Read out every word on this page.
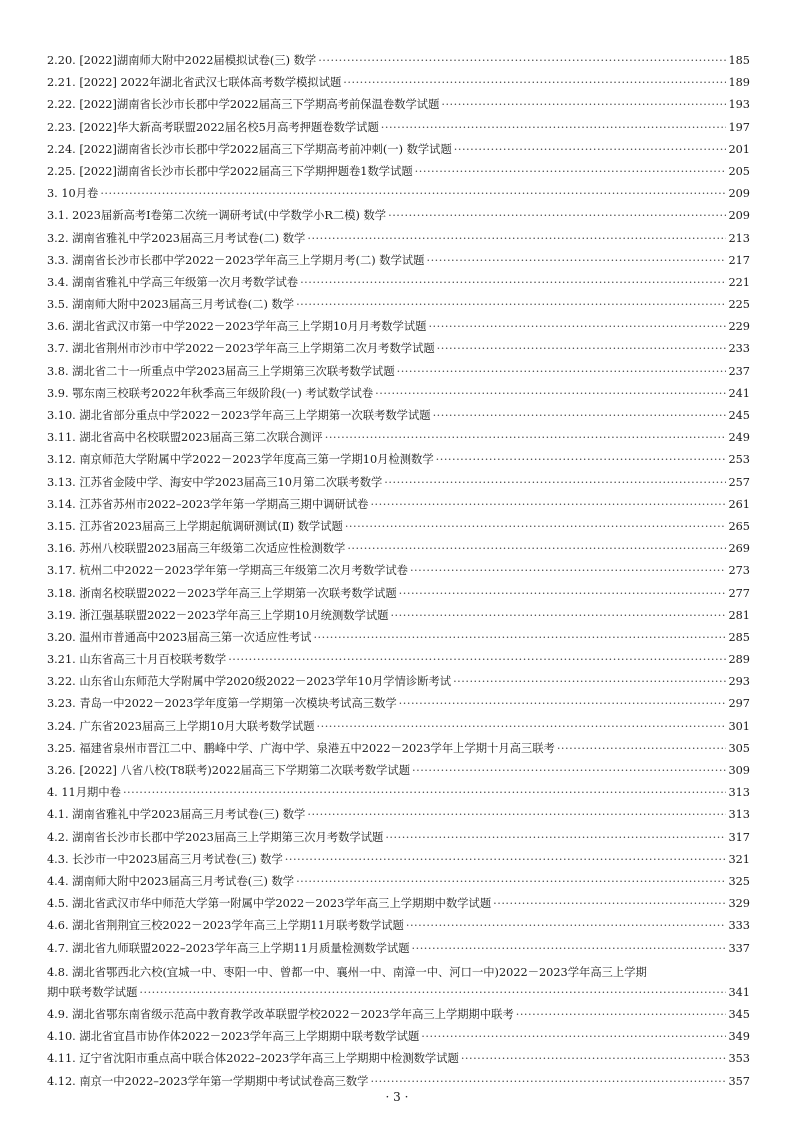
2.20. [2022]湖南师大附中2022届模拟试卷(三) 数学 ·····	185
2.21. [2022] 2022年湖北省武汉七联体高考数学模拟试题 ·····	189
2.22. [2022]湖南省长沙市长郡中学2022届高三下学期高考前保温卷数学试题 ·····	193
2.23. [2022]华大新高考联盟2022届名校5月高考押题卷数学试题 ·····	197
2.24. [2022]湖南省长沙市长郡中学2022届高三下学期高考前冲刺(一) 数学试题 ·····	201
2.25. [2022]湖南省长沙市长郡中学2022届高三下学期押题卷1数学试题 ·····	205
3. 10月卷 ·····	209
3.1. 2023届新高考Ⅰ卷第二次统一调研考试(中学数学小R二模) 数学 ·····	209
3.2. 湖南省雅礼中学2023届高三月考试卷(二) 数学 ·····	213
3.3. 湖南省长沙市长郡中学2022－2023学年高三上学期月考(二) 数学试题 ·····	217
3.4. 湖南省雅礼中学高三年级第一次月考数学试卷 ·····	221
3.5. 湖南师大附中2023届高三月考试卷(二) 数学 ·····	225
3.6. 湖北省武汉市第一中学2022－2023学年高三上学期10月月考数学试题 ·····	229
3.7. 湖北省荆州市沙市中学2022－2023学年高三上学期第二次月考数学试题 ·····	233
3.8. 湖北省二十一所重点中学2023届高三上学期第三次联考数学试题 ·····	237
3.9. 鄂东南三校联考2022年秋季高三年级阶段(一) 考试数学试卷 ·····	241
3.10. 湖北省部分重点中学2022－2023学年高三上学期第一次联考数学试题 ·····	245
3.11. 湖北省高中名校联盟2023届高三第二次联合测评 ·····	249
3.12. 南京师范大学附属中学2022－2023学年度高三第一学期10月检测数学 ·····	253
3.13. 江苏省金陵中学、海安中学2023届高三10月第二次联考数学 ·····	257
3.14. 江苏省苏州市2022–2023学年第一学期高三期中调研试卷 ·····	261
3.15. 江苏省2023届高三上学期起航调研测试(Ⅱ) 数学试题 ·····	265
3.16. 苏州八校联盟2023届高三年级第二次适应性检测数学 ·····	269
3.17. 杭州二中2022－2023学年第一学期高三年级第二次月考数学试卷 ·····	273
3.18. 浙南名校联盟2022－2023学年高三上学期第一次联考数学试题 ·····	277
3.19. 浙江强基联盟2022－2023学年高三上学期10月统测数学试题 ·····	281
3.20. 温州市普通高中2023届高三第一次适应性考试 ·····	285
3.21. 山东省高三十月百校联考数学 ·····	289
3.22. 山东省山东师范大学附属中学2020级2022－2023学年10月学情诊断考试 ·····	293
3.23. 青岛一中2022－2023学年度第一学期第一次模块考试高三数学 ·····	297
3.24. 广东省2023届高三上学期10月大联考数学试题 ·····	301
3.25. 福建省泉州市晋江二中、鹏峰中学、广海中学、泉港五中2022－2023学年上学期十月高三联考 ·····	305
3.26. [2022] 八省八校(T8联考)2022届高三下学期第二次联考数学试题 ·····	309
4. 11月期中卷 ·····	313
4.1. 湖南省雅礼中学2023届高三月考试卷(三) 数学 ·····	313
4.2. 湖南省长沙市长郡中学2023届高三上学期第三次月考数学试题 ·····	317
4.3. 长沙市一中2023届高三月考试卷(三) 数学 ·····	321
4.4. 湖南师大附中2023届高三月考试卷(三) 数学 ·····	325
4.5. 湖北省武汉市华中师范大学第一附属中学2022－2023学年高三上学期期中数学试题 ·····	329
4.6. 湖北省荆荆宜三校2022－2023学年高三上学期11月联考数学试题 ·····	333
4.7. 湖北省九师联盟2022–2023学年高三上学期11月质量检测数学试题 ·····	337
4.8. 湖北省鄂西北六校(宜城一中、枣阳一中、曾都一中、襄州一中、南漳一中、河口一中)2022－2023学年高三上学期
期中联考数学试题 ·····	341
4.9. 湖北省鄂东南省级示范高中教育教学改革联盟学校2022－2023学年高三上学期期中联考 ·····	345
4.10. 湖北省宜昌市协作体2022－2023学年高三上学期期中联考数学试题 ·····	349
4.11. 辽宁省沈阳市重点高中联合体2022–2023学年高三上学期期中检测数学试题 ·····	353
4.12. 南京一中2022–2023学年第一学期期中考试试卷高三数学 ·····	357
· 3 ·
